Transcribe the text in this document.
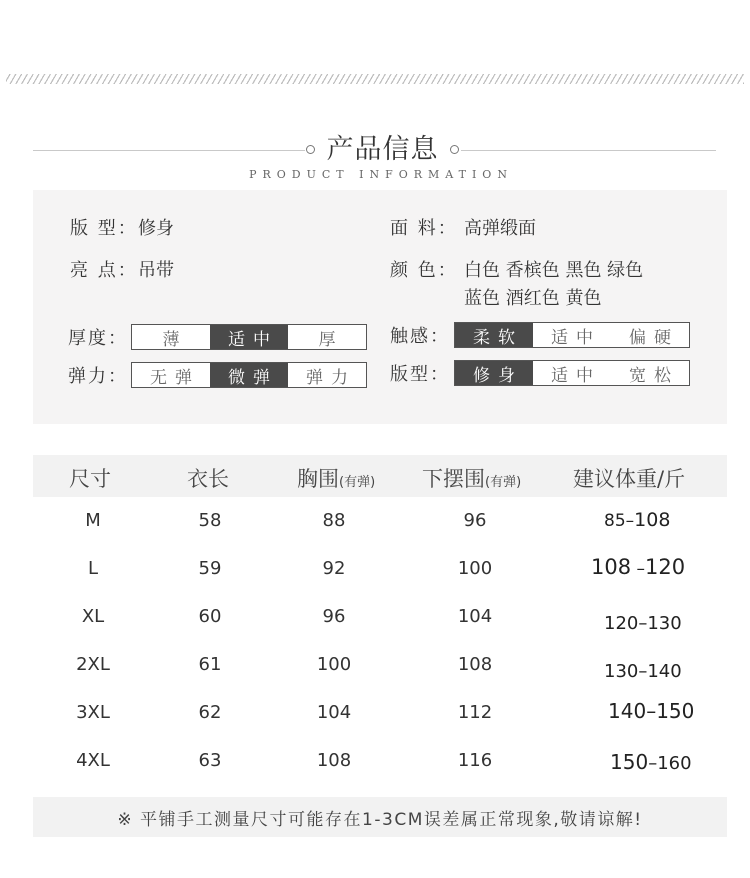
产品信息
PRODUCT INFORMATION
版 型： 修身
亮 点： 吊带
面 料： 高弹缎面
颜 色： 白色 香槟色 黑色 绿色
蓝色 酒红色 黄色
厚度：	薄	适中	厚
弹力：	无弹	微弹	弹力
触感：	柔软	适中	偏硬
版型：	修身	适中	宽松
尺寸	衣长	胸围(有弹) 下摆围(有弹) 建议体重/斤
M	58	88	96	85–108
L	59	92	100	108 –120
XL	60	96	104	120–130
2XL	61	100	108	130–140
3XL	62	104	112	140–150
4XL	63	108	116	150–160
※ 平铺手工测量尺寸可能存在1-3CM误差属正常现象,敬请谅解!
